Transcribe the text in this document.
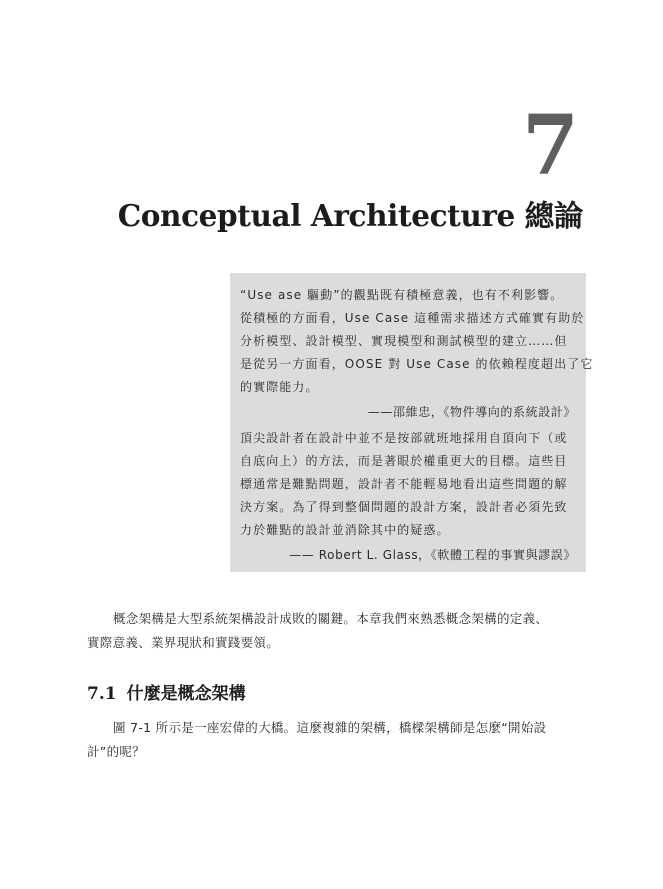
7
Conceptual Architecture 總論

“Use ase 驅動”的觀點既有積極意義，也有不利影響。
從積極的方面看，Use Case 這種需求描述方式確實有助於
分析模型、設計模型、實現模型和測試模型的建立……但
是從另一方面看，OOSE 對 Use Case 的依賴程度超出了它
的實際能力。

——邵維忠，《物件導向的系統設計》

頂尖設計者在設計中並不是按部就班地採用自頂向下（或
自底向上）的方法，而是著眼於權重更大的目標。這些目
標通常是難點問題，設計者不能輕易地看出這些問題的解
決方案。為了得到整個問題的設計方案，設計者必須先致
力於難點的設計並消除其中的疑惑。

—— Robert L. Glass，《軟體工程的事實與謬誤》

概念架構是大型系統架構設計成敗的關鍵。本章我們來熟悉概念架構的定義、
實際意義、業界現狀和實踐要領。

7.1 什麼是概念架構

圖 7-1 所示是一座宏偉的大橋。這麼複雜的架構，橋樑架構師是怎麼“開始設
計”的呢？
